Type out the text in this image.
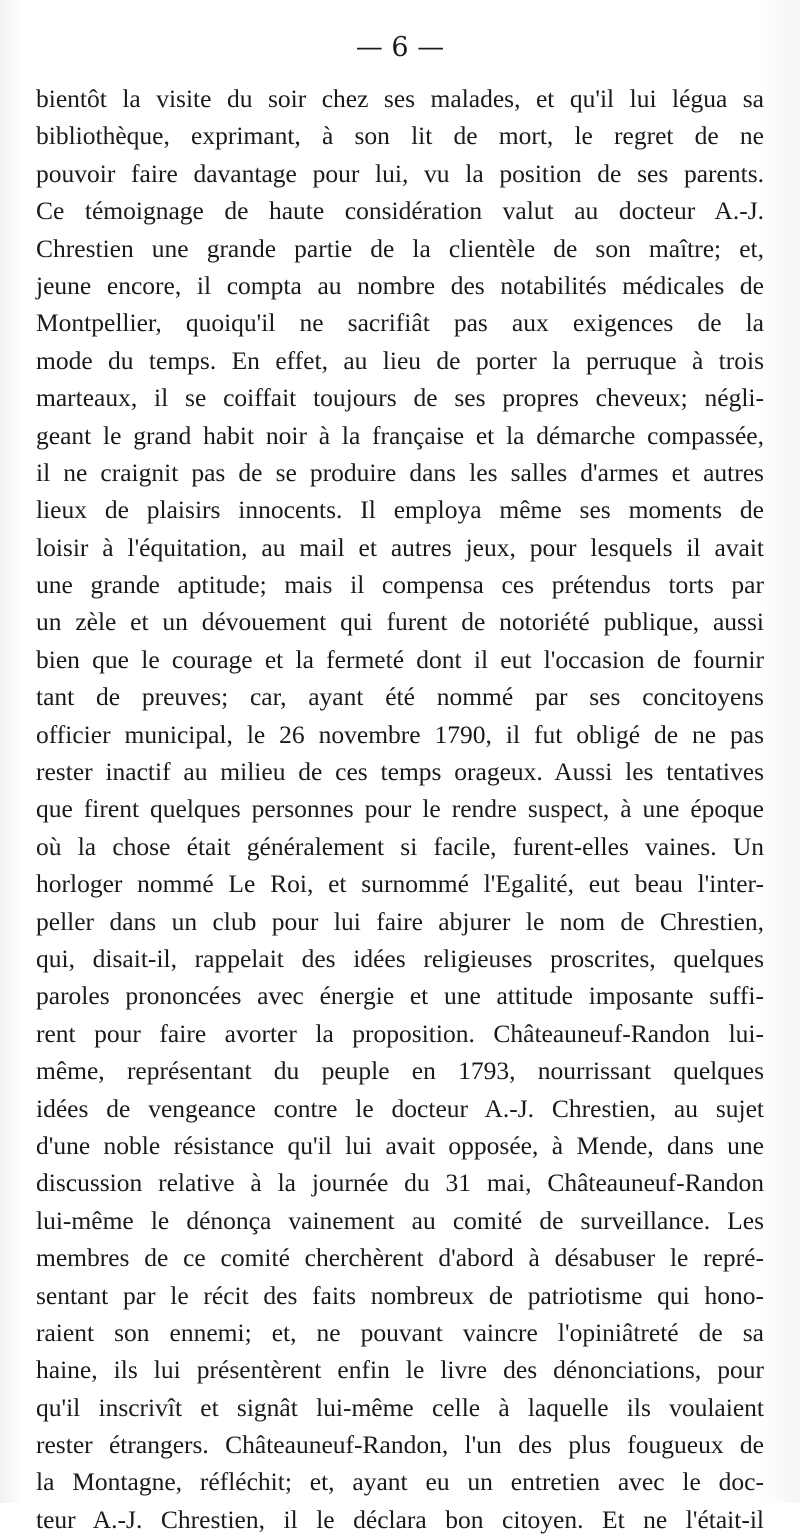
— 6 —
bientôt la visite du soir chez ses malades, et qu'il lui légua sa
bibliothèque, exprimant, à son lit de mort, le regret de ne
pouvoir faire davantage pour lui, vu la position de ses parents.
Ce témoignage de haute considération valut au docteur A.-J.
Chrestien une grande partie de la clientèle de son maître; et,
jeune encore, il compta au nombre des notabilités médicales de
Montpellier, quoiqu'il ne sacrifiât pas aux exigences de la
mode du temps. En effet, au lieu de porter la perruque à trois
marteaux, il se coiffait toujours de ses propres cheveux; négli-
geant le grand habit noir à la française et la démarche compassée,
il ne craignit pas de se produire dans les salles d'armes et autres
lieux de plaisirs innocents. Il employa même ses moments de
loisir à l'équitation, au mail et autres jeux, pour lesquels il avait
une grande aptitude; mais il compensa ces prétendus torts par
un zèle et un dévouement qui furent de notoriété publique, aussi
bien que le courage et la fermeté dont il eut l'occasion de fournir
tant de preuves; car, ayant été nommé par ses concitoyens
officier municipal, le 26 novembre 1790, il fut obligé de ne pas
rester inactif au milieu de ces temps orageux. Aussi les tentatives
que firent quelques personnes pour le rendre suspect, à une époque
où la chose était généralement si facile, furent-elles vaines. Un
horloger nommé Le Roi, et surnommé l'Egalité, eut beau l'inter-
peller dans un club pour lui faire abjurer le nom de Chrestien,
qui, disait-il, rappelait des idées religieuses proscrites, quelques
paroles prononcées avec énergie et une attitude imposante suffi-
rent pour faire avorter la proposition. Châteauneuf-Randon lui-
même, représentant du peuple en 1793, nourrissant quelques
idées de vengeance contre le docteur A.-J. Chrestien, au sujet
d'une noble résistance qu'il lui avait opposée, à Mende, dans une
discussion relative à la journée du 31 mai, Châteauneuf-Randon
lui-même le dénonça vainement au comité de surveillance. Les
membres de ce comité cherchèrent d'abord à désabuser le repré-
sentant par le récit des faits nombreux de patriotisme qui hono-
raient son ennemi; et, ne pouvant vaincre l'opiniâtreté de sa
haine, ils lui présentèrent enfin le livre des dénonciations, pour
qu'il inscrivît et signât lui-même celle à laquelle ils voulaient
rester étrangers. Châteauneuf-Randon, l'un des plus fougueux de
la Montagne, réfléchit; et, ayant eu un entretien avec le doc-
teur A.-J. Chrestien, il le déclara bon citoyen. Et ne l'était-il
